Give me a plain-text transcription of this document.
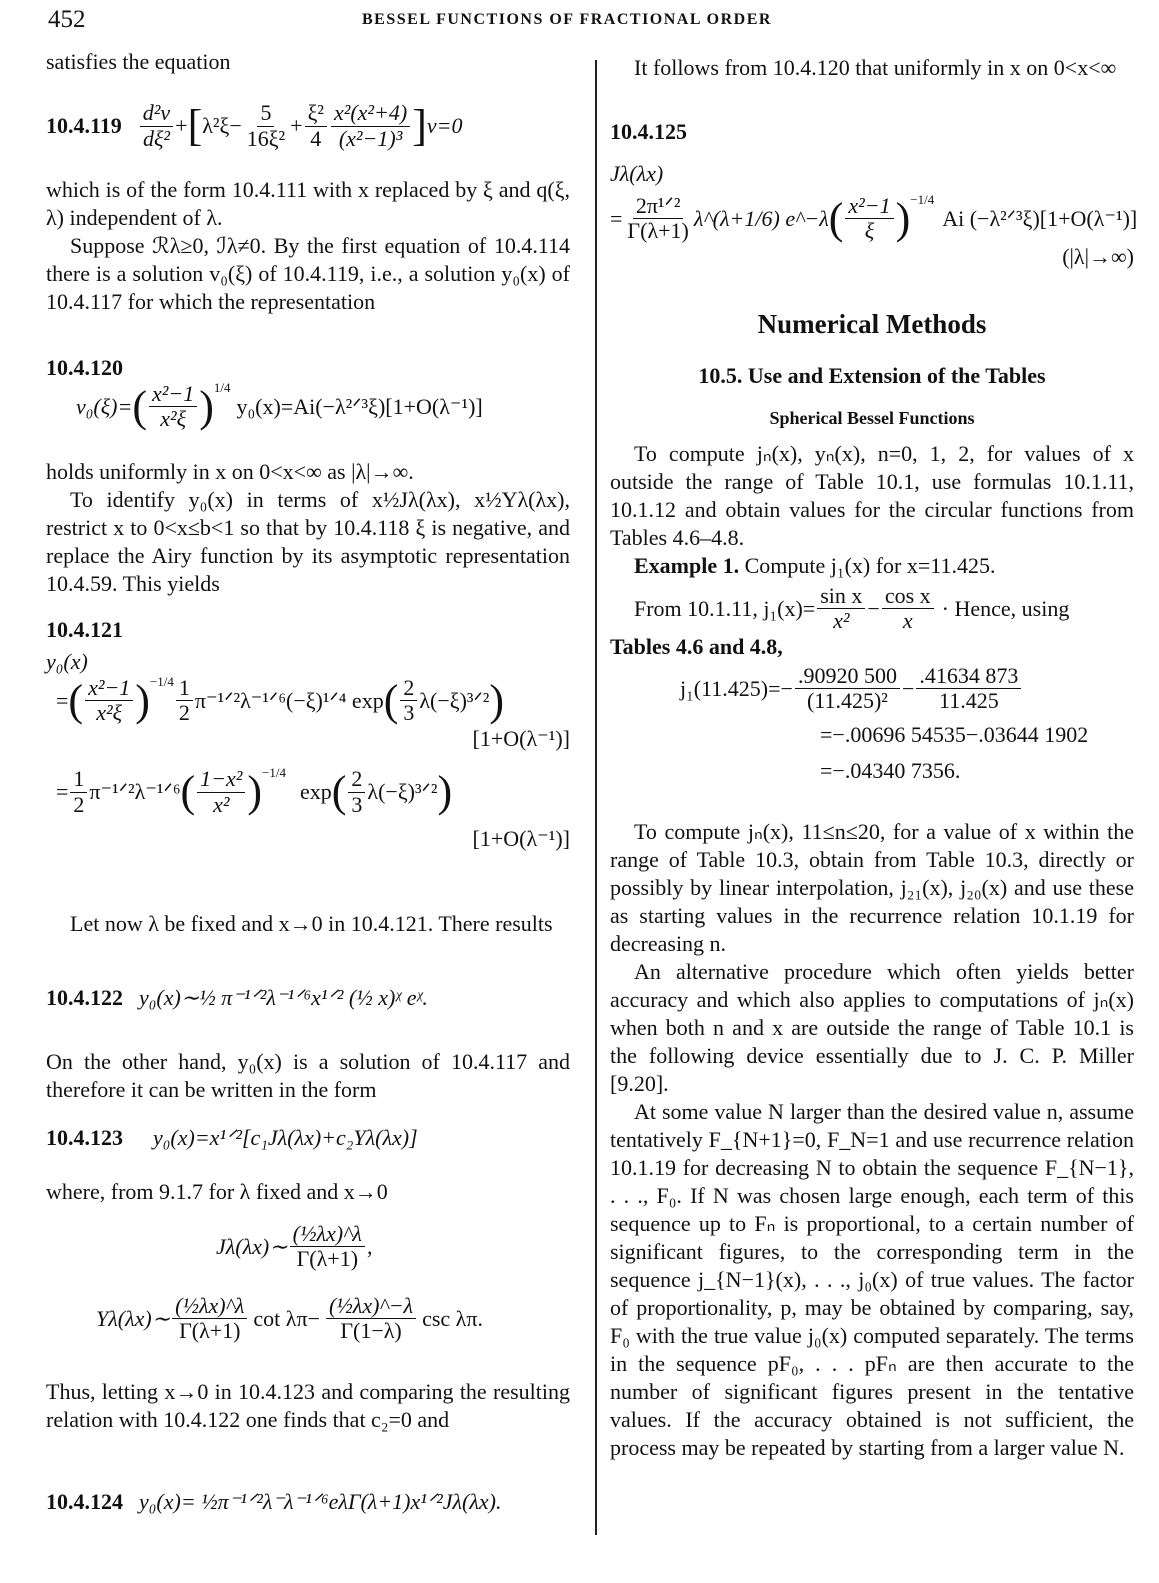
452	BESSEL FUNCTIONS OF FRACTIONAL ORDER

satisfies the equation

$10.4.119 \frac{\text{d²v}}{\text{dξ²}}$ + [ $\lambda^2\xi- \frac{5}{\text{16ξ²}} + \frac{\text{ξ²}}{4} \frac{\text{x²(x²+4)}}{\text{(x²−1)³}}$ ] v=0

which is of the form 10.4.111 with x replaced by ξ and q(ξ, λ) independent of λ.

Suppose ℛλ≥0, ℐλ≠0. By the first equation of 10.4.114 there is a solution v₀(ξ) of 10.4.119, i.e., a solution y₀(x) of 10.4.117 for which the representation

10.4.120
v₀(ξ)= ( $\frac{\text{x²−1}}{\text{x²ξ}}$ ) 1/4
y₀(x)=Ai(−λ²ᐟ³ξ)[1+O(λ⁻¹)]

holds uniformly in x on 0<x<∞ as |λ|→∞.

To identify y₀(x) in terms of x½Jλ(λx), x½Yλ(λx), restrict x to 0<x≤b<1 so that by 10.4.118 ξ is negative, and replace the Airy function by its asymptotic representation 10.4.59. This yields

10.4.121
y₀(x)
= ( $\frac{\text{x²−1}}{\text{x²ξ}}$ ) $-1/4 \frac{1}{2}$ π⁻¹ᐟ²λ⁻¹ᐟ⁶(−ξ)¹ᐟ⁴ exp ( $\frac{2}{3}$ λ(−ξ)³ᐟ² )
[1+O(λ⁻¹)]
= $\frac{1}{2}$ π⁻¹ᐟ²λ⁻¹ᐟ⁶ ( $\frac{\text{1−x²}}{\text{x²}}$ ) −1/4
exp ( $\frac{2}{3}$ λ(−ξ)³ᐟ² )
[1+O(λ⁻¹)]

Let now λ be fixed and x→0 in 10.4.121. There results

10.4.122 y₀(x)∼½ π⁻¹ᐟ²λ⁻¹ᐟ⁶x¹ᐟ² (½ x)ᵡ eᵡ.

On the other hand, y₀(x) is a solution of 10.4.117 and therefore it can be written in the form

10.4.123 y₀(x)=x¹ᐟ²[c₁Jλ(λx)+c₂Yλ(λx)]

where, from 9.1.7 for λ fixed and x→0

Jλ(λx)∼ $\frac{\text{(½λx)\textasciicircum{}λ}}{\Gamma(\lambda+1)}$ ,
Yλ(λx)∼ $\frac{\text{(½λx)\textasciicircum{}λ}}{\Gamma(\lambda+1)}$ $\cot \lambda\pi- \frac{\text{(½λx)\textasciicircum{}−λ}}{\Gamma(1-\lambda)}$ csc λπ.

Thus, letting x→0 in 10.4.123 and comparing the resulting relation with 10.4.122 one finds that c₂=0 and

10.4.124 y₀(x)= ½π⁻¹ᐟ²λ⁻λ⁻¹ᐟ⁶eλΓ(λ+1)x¹ᐟ²Jλ(λx).

It follows from 10.4.120 that uniformly in x on 0<x<∞

10.4.125
Jλ(λx)
= $\frac{\text{2π¹ᐟ²}}{\Gamma(\lambda+1)}$ λ^(λ+1/6) e^−λ ( $\frac{\text{x²−1}}{\xi}$ ) −1/4
Ai (−λ²ᐟ³ξ)[1+O(λ⁻¹)]
(|λ|→∞)
Numerical Methods
10.5. Use and Extension of the Tables
Spherical Bessel Functions

To compute jₙ(x), yₙ(x), n=0, 1, 2, for values of x outside the range of Table 10.1, use formulas 10.1.11, 10.1.12 and obtain values for the circular functions from Tables 4.6–4.8.

Example 1. Compute j₁(x) for x=11.425.

From 10.1.11, $j_1(x)= \frac{\text{sin x}}{\text{x²}} - \frac{\text{cos x}}{x}$ · Hence, using

Tables 4.6 and 4.8,

$j_1(11.425)=- \frac{.90920 500}{\text{(11.425)²}} - \frac{.41634 873}{11.425}$
=−.00696 54535−.03644 1902
=−.04340 7356.

To compute jₙ(x), 11≤n≤20, for a value of x within the range of Table 10.3, obtain from Table 10.3, directly or possibly by linear interpolation, j₂₁(x), j₂₀(x) and use these as starting values in the recurrence relation 10.1.19 for decreasing n.

An alternative procedure which often yields better accuracy and which also applies to computations of jₙ(x) when both n and x are outside the range of Table 10.1 is the following device essentially due to J. C. P. Miller [9.20].

At some value N larger than the desired value n, assume tentatively F_{N+1}=0, F_N=1 and use recurrence relation 10.1.19 for decreasing N to obtain the sequence F_{N−1}, . . ., F₀. If N was chosen large enough, each term of this sequence up to Fₙ is proportional, to a certain number of significant figures, to the corresponding term in the sequence j_{N−1}(x), . . ., j₀(x) of true values. The factor of proportionality, p, may be obtained by comparing, say, F₀ with the true value j₀(x) computed separately. The terms in the sequence pF₀, . . . pFₙ are then accurate to the number of significant figures present in the tentative values. If the accuracy obtained is not sufficient, the process may be repeated by starting from a larger value N.
